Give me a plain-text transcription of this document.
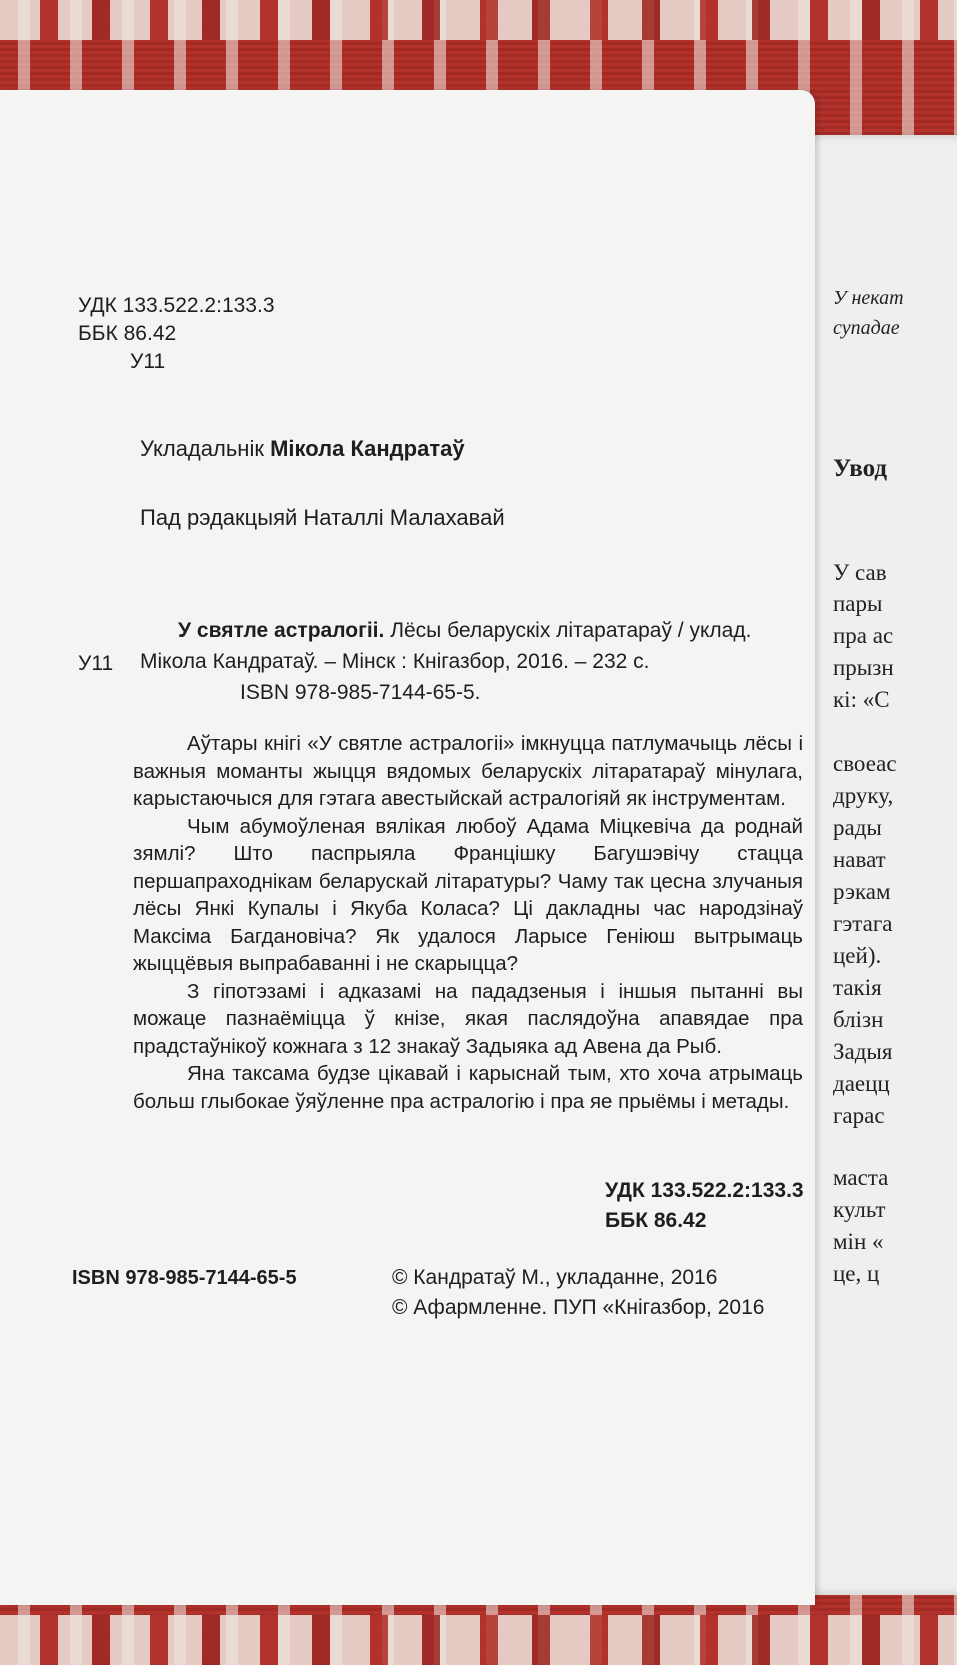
У некат
супадае
Увод
У сав
пары
пра ас
прызн
кі: «С
своеас
друку,
рады
нават
рэкам
гэтага
цей).
такія
блізн
Задыя
даецц
гарас
маста
культ
мін «
це, ц
УДК 133.522.2:133.3
ББК 86.42
У11
Укладальнік Мікола Кандратаў
Пад рэдакцыяй Наталлі Малахавай
У11
У святле астралогіі. Лёсы беларускіх літаратараў / уклад.
Мікола Кандратаў. – Мінск : Кнігазбор, 2016. – 232 с.
ISBN 978-985-7144-65-5.

Аўтары кнігі «У святле астралогіі» імкнуцца патлумачыць лёсы і важныя моманты жыцця вядомых беларускіх літаратараў мінулага, карыстаючыся для гэтага авестыйскай астралогіяй як інструментам.

Чым абумоўленая вялікая любоў Адама Міцкевіча да роднай зямлі? Што паспрыяла Францішку Багушэвічу стацца першапраходнікам беларускай літаратуры? Чаму так цесна злучаныя лёсы Янкі Купалы і Якуба Коласа? Ці дакладны час народзінаў Максіма Багдановіча? Як удалося Ларысе Геніюш вытрымаць жыццёвыя выпрабаванні і не скарыцца?

З гіпотэзамі і адказамі на пададзеныя і іншыя пытанні вы можаце пазнаёміцца ў кнізе, якая паслядоўна апавядае пра прадстаўнікоў кожнага з 12 знакаў Задыяка ад Авена да Рыб.

Яна таксама будзе цікавай і карыснай тым, хто хоча атрымаць больш глыбокае ўяўленне пра астралогію і пра яе прыёмы і метады.

УДК 133.522.2:133.3
ББК 86.42
ISBN 978-985-7144-65-5	© Кандратаў М., укладанне, 2016
© Афармленне. ПУП «Кнігазбор, 2016
